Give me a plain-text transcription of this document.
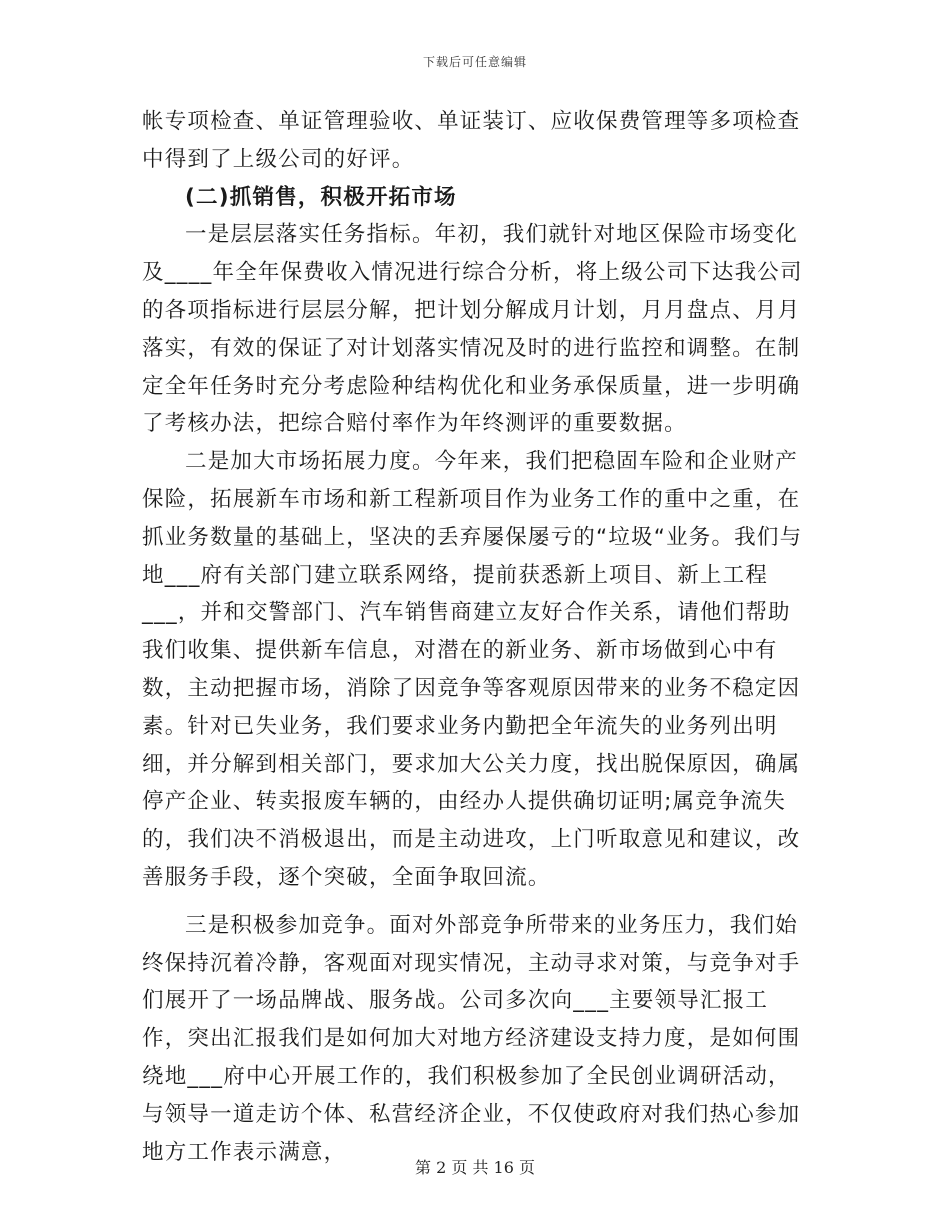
下载后可任意编辑

帐专项检查、单证管理验收、单证装订、应收保费管理等多项检查中得到了上级公司的好评。

(二)抓销售，积极开拓市场

一是层层落实任务指标。年初，我们就针对地区保险市场变化及____年全年保费收入情况进行综合分析，将上级公司下达我公司的各项指标进行层层分解，把计划分解成月计划，月月盘点、月月落实，有效的保证了对计划落实情况及时的进行监控和调整。在制定全年任务时充分考虑险种结构优化和业务承保质量，进一步明确了考核办法，把综合赔付率作为年终测评的重要数据。

二是加大市场拓展力度。今年来，我们把稳固车险和企业财产保险，拓展新车市场和新工程新项目作为业务工作的重中之重，在抓业务数量的基础上，坚决的丢弃屡保屡亏的“垃圾“业务。我们与地___府有关部门建立联系网络，提前获悉新上项目、新上工程___，并和交警部门、汽车销售商建立友好合作关系，请他们帮助我们收集、提供新车信息，对潜在的新业务、新市场做到心中有数，主动把握市场，消除了因竞争等客观原因带来的业务不稳定因素。针对已失业务，我们要求业务内勤把全年流失的业务列出明细，并分解到相关部门，要求加大公关力度，找出脱保原因，确属停产企业、转卖报废车辆的，由经办人提供确切证明;属竞争流失的，我们决不消极退出，而是主动进攻，上门听取意见和建议，改善服务手段，逐个突破，全面争取回流。

三是积极参加竞争。面对外部竞争所带来的业务压力，我们始终保持沉着冷静，客观面对现实情况，主动寻求对策，与竞争对手们展开了一场品牌战、服务战。公司多次向___主要领导汇报工作，突出汇报我们是如何加大对地方经济建设支持力度，是如何围绕地___府中心开展工作的，我们积极参加了全民创业调研活动，与领导一道走访个体、私营经济企业，不仅使政府对我们热心参加地方工作表示满意，

第 2 页 共 16 页
